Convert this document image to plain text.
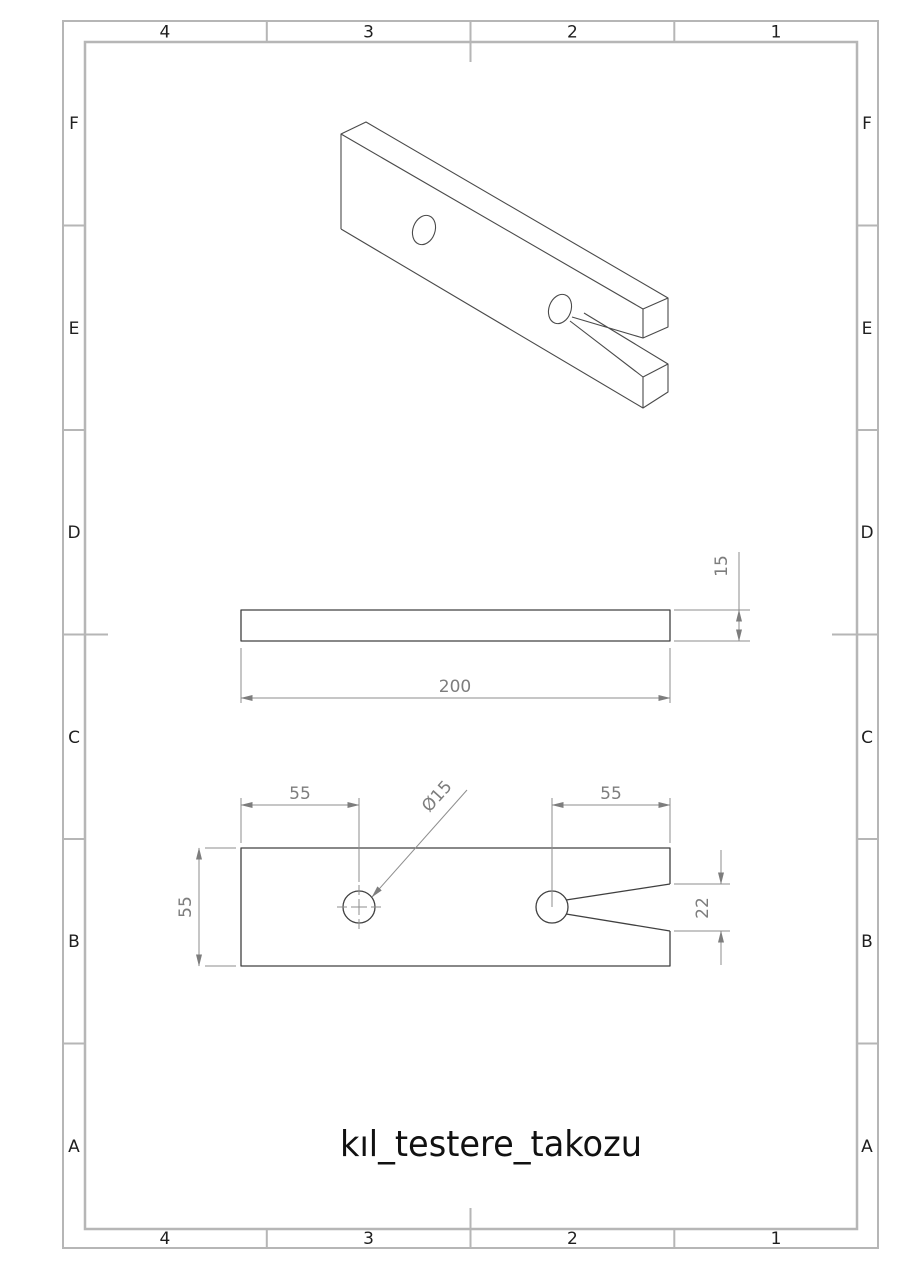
4	3	2	1
4	3	2	1
F
E
D
C
B
A
F
E
D
C
B
A
200
15
55	55
55	22
Ø15
kıl_testere_takozu
